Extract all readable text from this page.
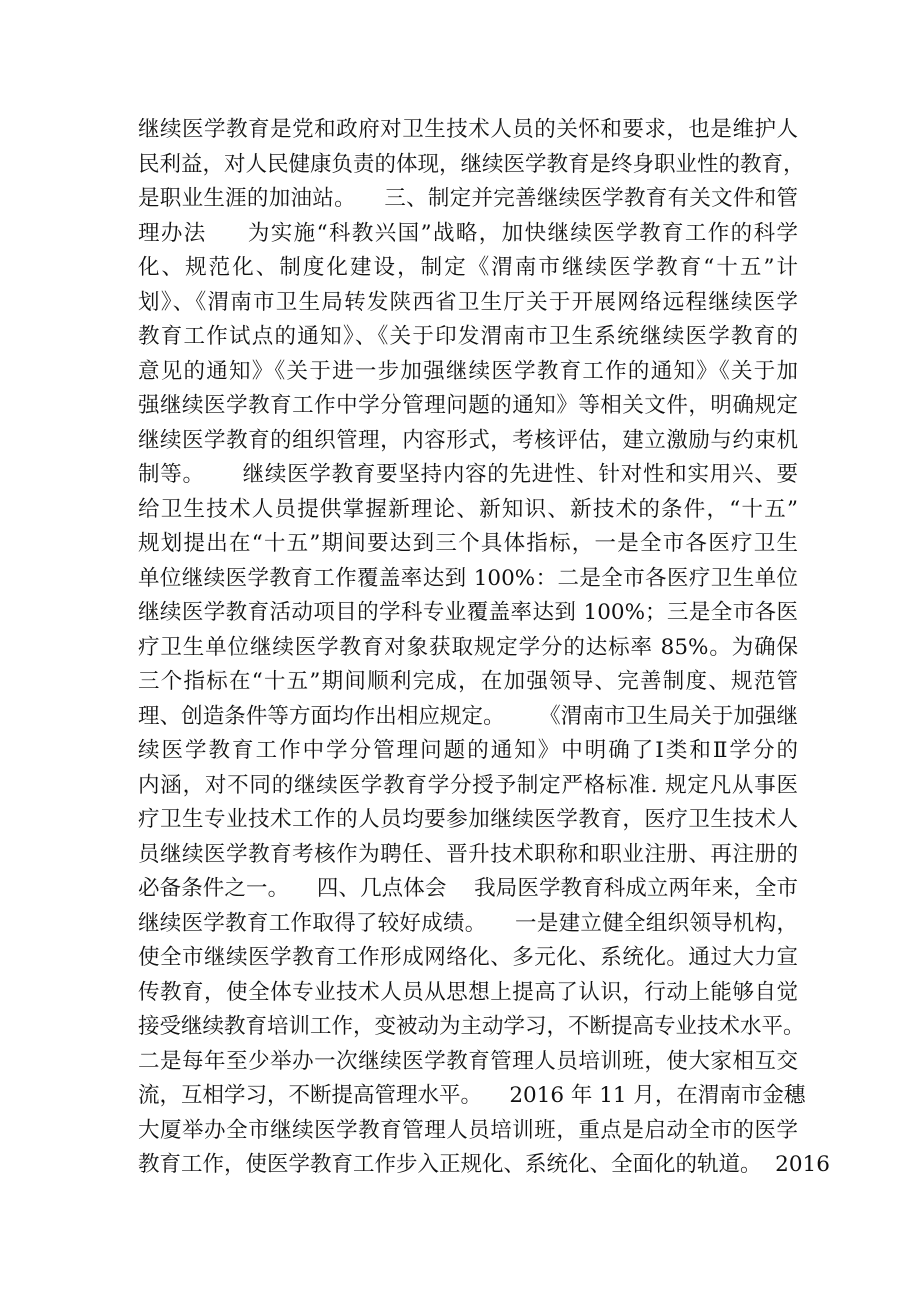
继续医学教育是党和政府对卫生技术人员的关怀和要求，也是维护人
民利益，对人民健康负责的体现，继续医学教育是终身职业性的教育，
是职业生涯的加油站。    三、制定并完善继续医学教育有关文件和管
理办法     为实施“科教兴国”战略，加快继续医学教育工作的科学
化、规范化、制度化建设，制定《渭南市继续医学教育“十五”计
划》、《渭南市卫生局转发陕西省卫生厅关于开展网络远程继续医学
教育工作试点的通知》、《关于印发渭南市卫生系统继续医学教育的
意见的通知》《关于进一步加强继续医学教育工作的通知》《关于加
强继续医学教育工作中学分管理问题的通知》等相关文件，明确规定
继续医学教育的组织管理，内容形式，考核评估，建立激励与约束机
制等。     继续医学教育要坚持内容的先进性、针对性和实用兴、要
给卫生技术人员提供掌握新理论、新知识、新技术的条件，“十五”
规划提出在“十五”期间要达到三个具体指标，一是全市各医疗卫生
单位继续医学教育工作覆盖率达到 100%：二是全市各医疗卫生单位
继续医学教育活动项目的学科专业覆盖率达到 100%；三是全市各医
疗卫生单位继续医学教育对象获取规定学分的达标率 85%。为确保
三个指标在“十五”期间顺利完成，在加强领导、完善制度、规范管
理、创造条件等方面均作出相应规定。     《渭南市卫生局关于加强继
续医学教育工作中学分管理问题的通知》中明确了Ⅰ类和Ⅱ学分的
内涵，对不同的继续医学教育学分授予制定严格标准. 规定凡从事医
疗卫生专业技术工作的人员均要参加继续医学教育，医疗卫生技术人
员继续医学教育考核作为聘任、晋升技术职称和职业注册、再注册的
必备条件之一。    四、几点体会    我局医学教育科成立两年来，全市
继续医学教育工作取得了较好成绩。    一是建立健全组织领导机构，
使全市继续医学教育工作形成网络化、多元化、系统化。通过大力宣
传教育，使全体专业技术人员从思想上提高了认识，行动上能够自觉
接受继续教育培训工作，变被动为主动学习，不断提高专业技术水平。
二是每年至少举办一次继续医学教育管理人员培训班，使大家相互交
流，互相学习，不断提高管理水平。    2016 年 11 月，在渭南市金穗
大厦举办全市继续医学教育管理人员培训班，重点是启动全市的医学
教育工作，使医学教育工作步入正规化、系统化、全面化的轨道。  2016
